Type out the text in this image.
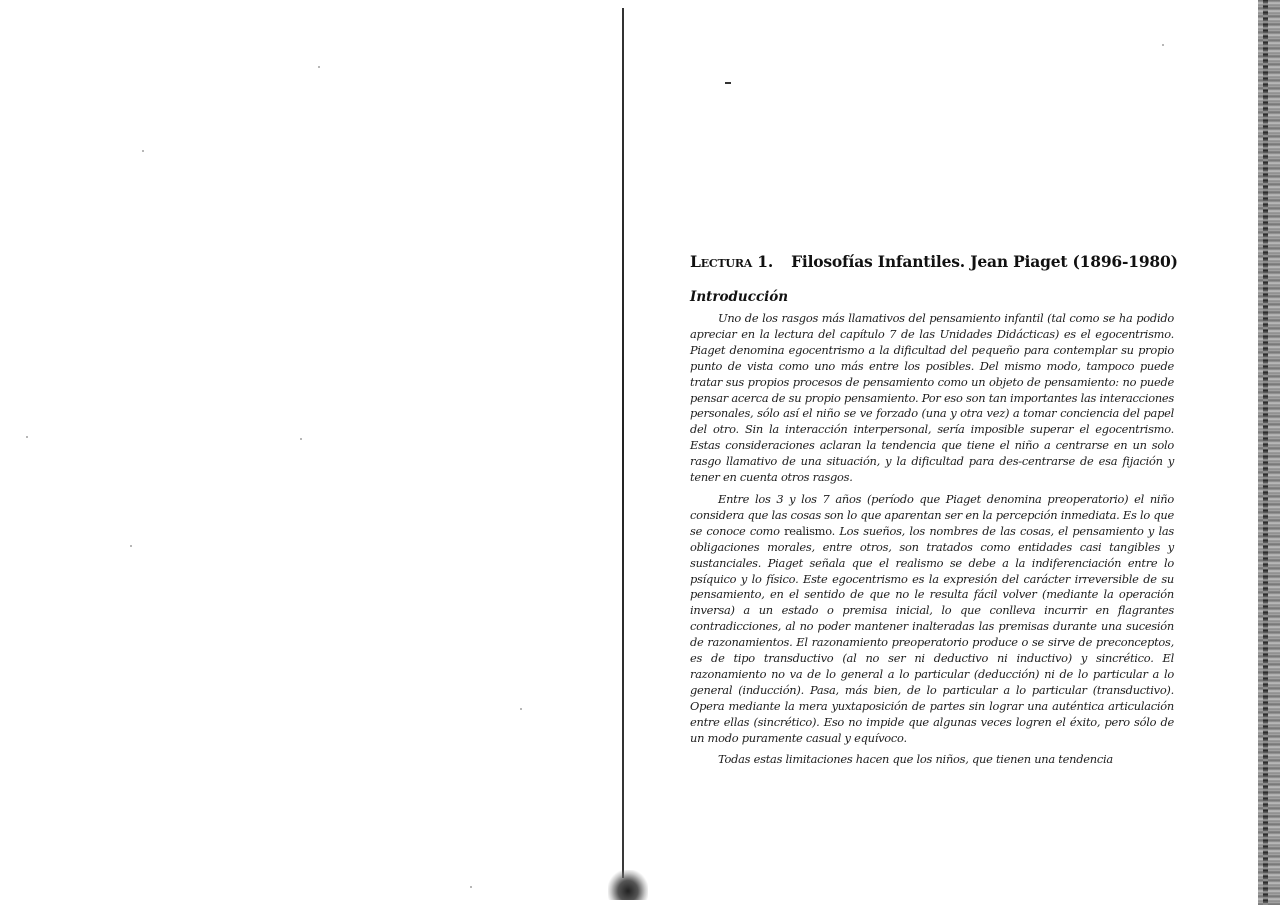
Lectura 1. Filosofías Infantiles. Jean Piaget (1896-1980)
Introducción

Uno de los rasgos más llamativos del pensamiento infantil (tal como se ha podido apreciar en la lectura del capítulo 7 de las Unidades Didácticas) es el egocentrismo. Piaget denomina egocentrismo a la dificultad del pequeño para contemplar su propio punto de vista como uno más entre los posibles. Del mismo modo, tampoco puede tratar sus propios procesos de pensamiento como un objeto de pensamiento: no puede pensar acerca de su propio pensamiento. Por eso son tan importantes las interacciones personales, sólo así el niño se ve forzado (una y otra vez) a tomar conciencia del papel del otro. Sin la interacción interpersonal, sería imposible superar el egocentrismo. Estas consideraciones aclaran la tendencia que tiene el niño a centrarse en un solo rasgo llamativo de una situación, y la dificultad para des-centrarse de esa fijación y tener en cuenta otros rasgos.

Entre los 3 y los 7 años (período que Piaget denomina preoperatorio) el niño considera que las cosas son lo que aparentan ser en la percepción inmediata. Es lo que se conoce como realismo. Los sueños, los nombres de las cosas, el pensamiento y las obligaciones morales, entre otros, son tratados como entidades casi tangibles y sustanciales. Piaget señala que el realismo se debe a la indiferenciación entre lo psíquico y lo físico. Este egocentrismo es la expresión del carácter irreversible de su pensamiento, en el sentido de que no le resulta fácil volver (mediante la operación inversa) a un estado o premisa inicial, lo que conlleva incurrir en flagrantes contradicciones, al no poder mantener inalteradas las premisas durante una sucesión de razonamientos. El razonamiento preoperatorio produce o se sirve de preconceptos, es de tipo transductivo (al no ser ni deductivo ni inductivo) y sincrético. El razonamiento no va de lo general a lo particular (deducción) ni de lo particular a lo general (inducción). Pasa, más bien, de lo particular a lo particular (transductivo). Opera mediante la mera yuxtaposición de partes sin lograr una auténtica articulación entre ellas (sincrético). Eso no impide que algunas veces logren el éxito, pero sólo de un modo puramente casual y equívoco.

Todas estas limitaciones hacen que los niños, que tienen una tendencia
